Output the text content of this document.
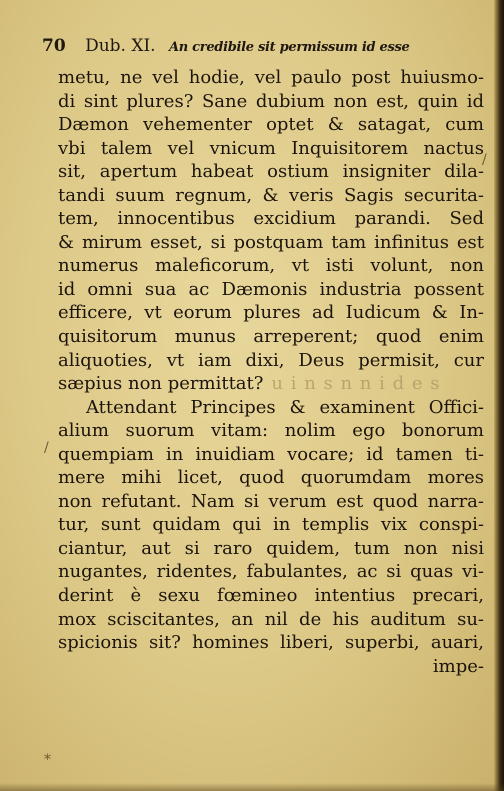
70 Dub. XI. An credibile sit permissum id esse
metu, ne vel hodie, vel paulo post huiusmo-
di sint plures? Sane dubium non est, quin id
Dæmon vehementer optet & satagat, cum
vbi talem vel vnicum Inquisitorem nactus
sit, apertum habeat ostium insigniter dila-
tandi suum regnum, & veris Sagis securita-
tem, innocentibus excidium parandi. Sed
& mirum esset, si postquam tam infinitus est
numerus maleficorum, vt isti volunt, non
id omni sua ac Dæmonis industria possent
efficere, vt eorum plures ad Iudicum & In-
quisitorum munus arreperent; quod enim
aliquoties, vt iam dixi, Deus permisit, cur
sæpius non permittat? u i n s n n i d e s
Attendant Principes & examinent Offici-
alium suorum vitam: nolim ego bonorum
quempiam in inuidiam vocare; id tamen ti-
mere mihi licet, quod quorumdam mores
non refutant. Nam si verum est quod narra-
tur, sunt quidam qui in templis vix conspi-
ciantur, aut si raro quidem, tum non nisi
nugantes, ridentes, fabulantes, ac si quas vi-
derint è sexu fœmineo intentius precari,
mox sciscitantes, an nil de his auditum su-
spicionis sit? homines liberi, superbi, auari,
impe-
/
/
*
